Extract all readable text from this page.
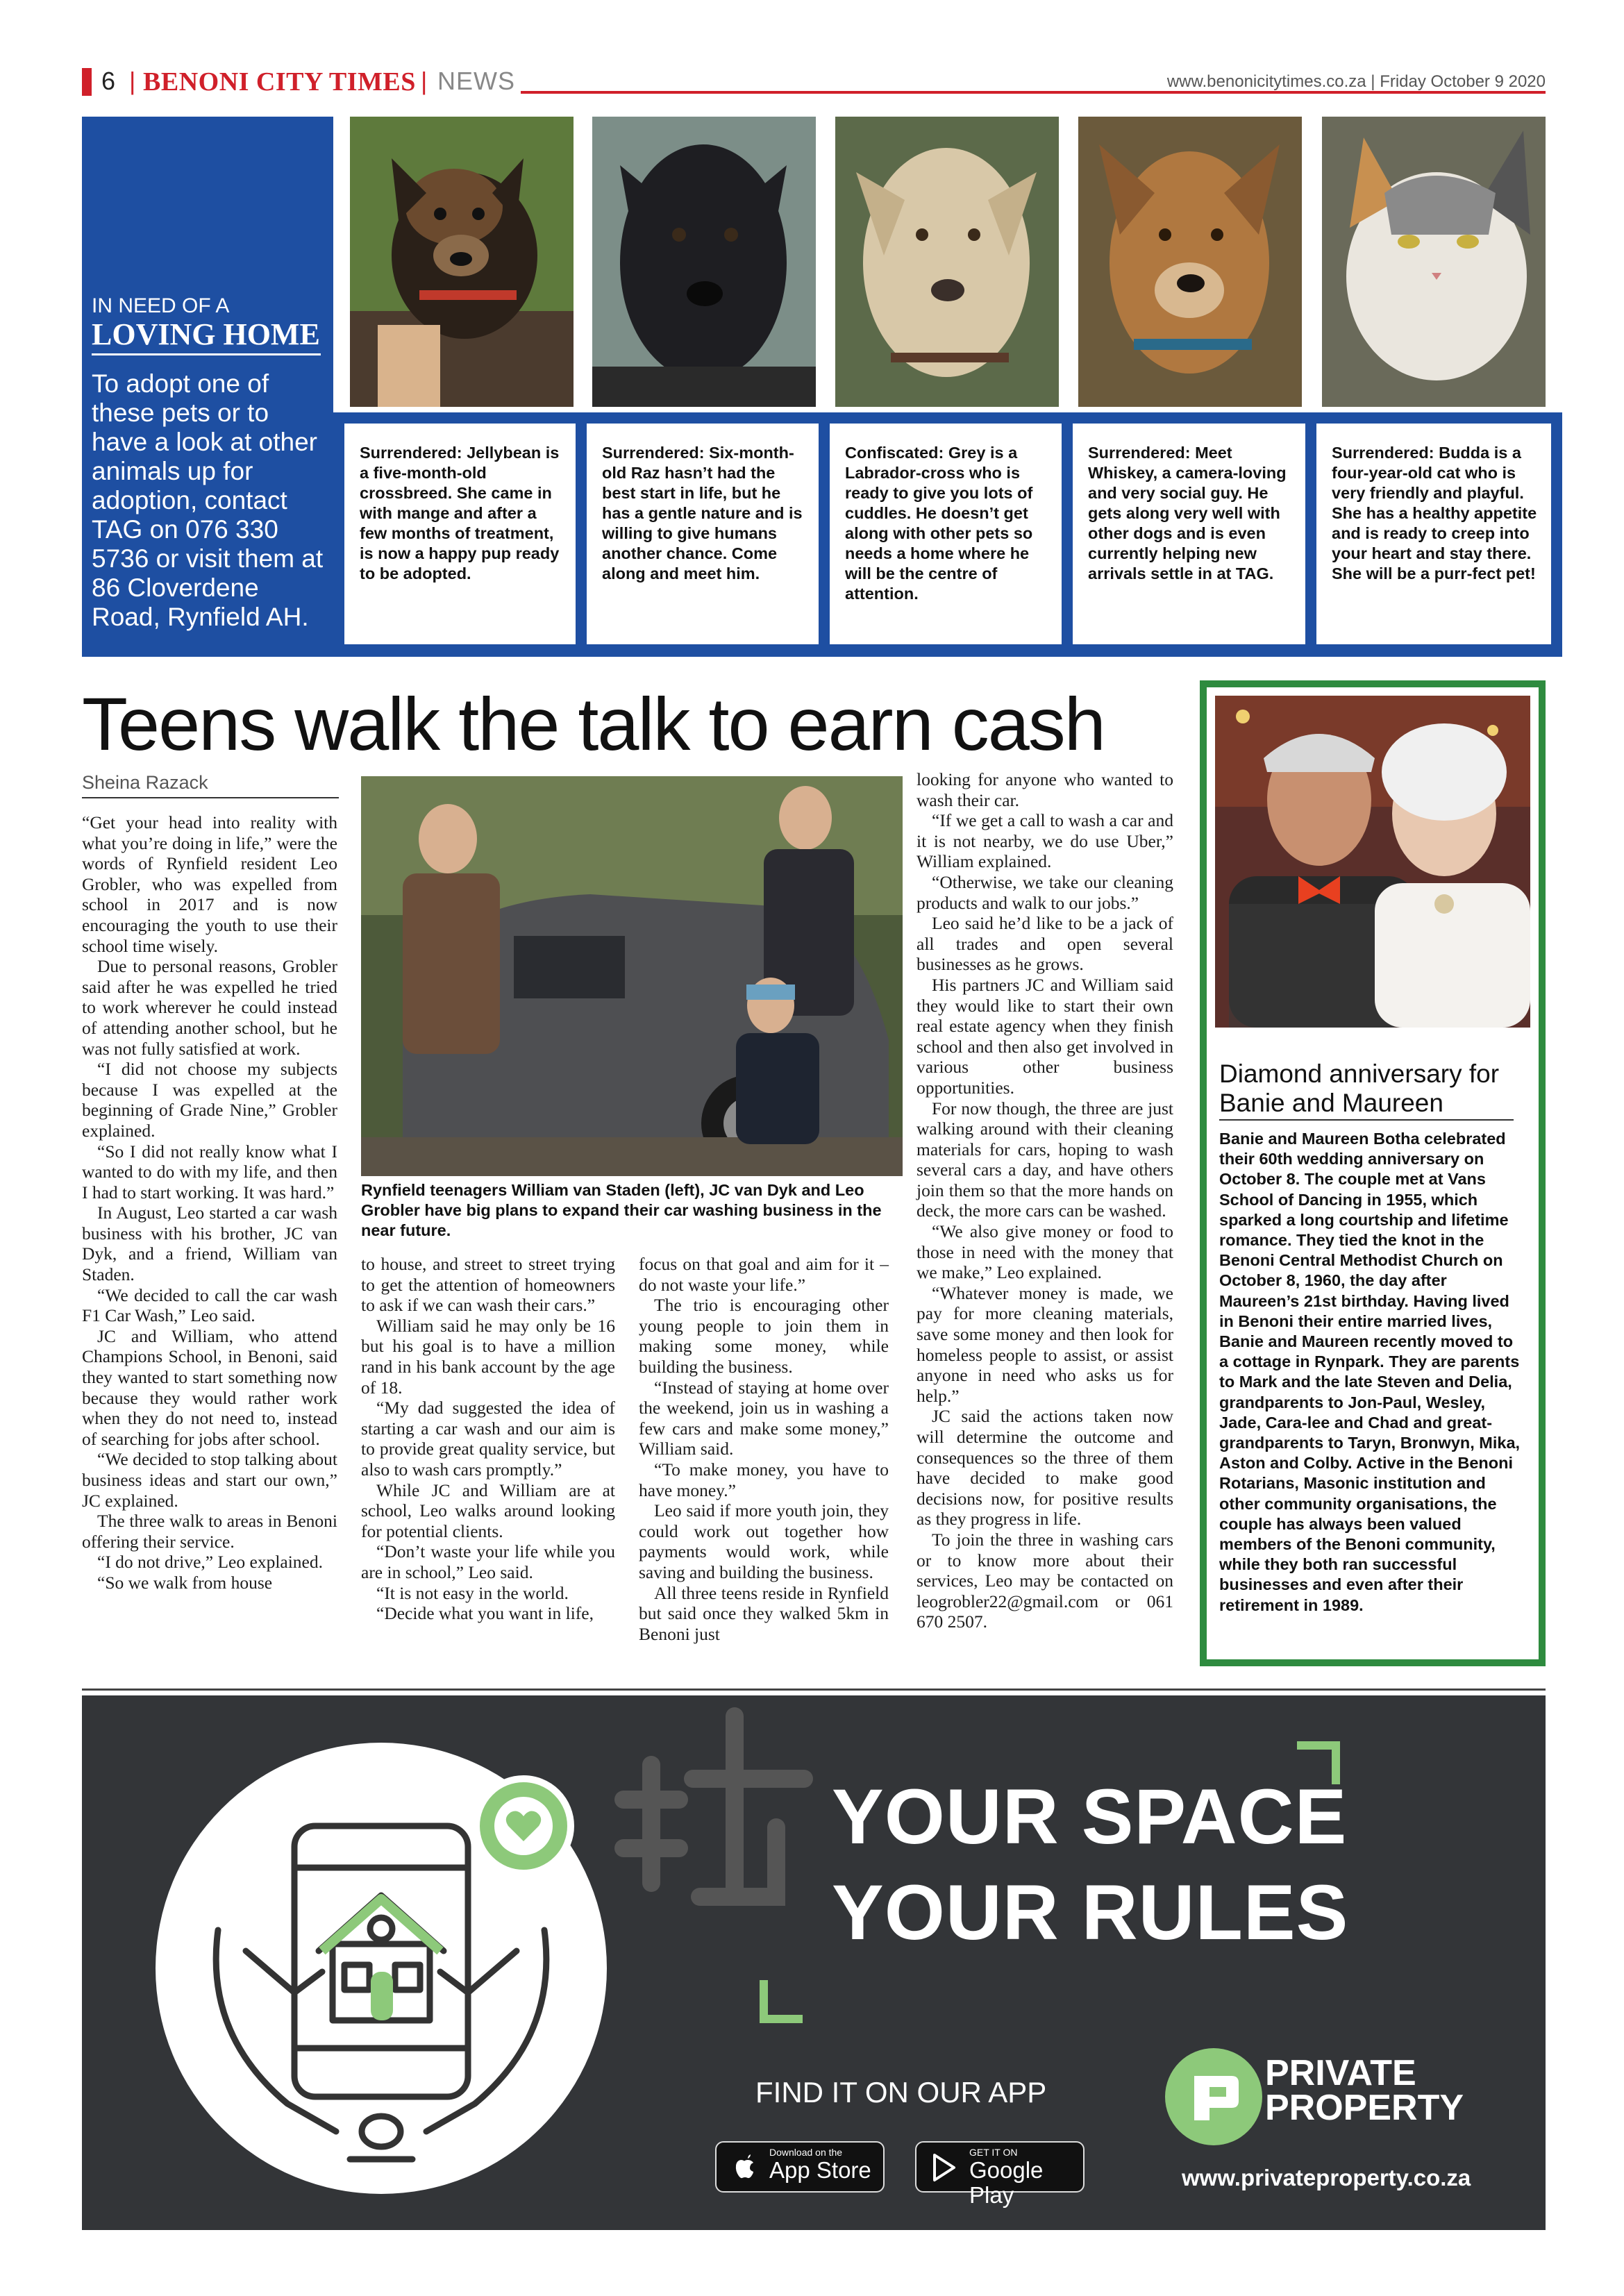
6 | BENONI CITY TIMES | NEWS	www.benonicitytimes.co.za | Friday October 9 2020
IN NEED OF A
LOVING HOME
To adopt one of these pets or to have a look at other animals up for adoption, contact TAG on 076 330 5736 or visit them at 86 Cloverdene Road, Rynfield AH.
Surrendered: Jellybean is a five-month-old crossbreed. She came in with mange and after a few months of treatment, is now a happy pup ready to be adopted.
Surrendered: Six-month-old Raz hasn’t had the best start in life, but he has a gentle nature and is willing to give humans another chance. Come along and meet him.
Confiscated: Grey is a Labrador-cross who is ready to give you lots of cuddles. He doesn’t get along with other pets so needs a home where he will be the centre of attention.
Surrendered: Meet Whiskey, a camera-loving and very social guy. He gets along very well with other dogs and is even currently helping new arrivals settle in at TAG.
Surrendered: Budda is a four-year-old cat who is very friendly and playful. She has a healthy appetite and is ready to creep into your heart and stay there. She will be a purr-fect pet!
Teens walk the talk to earn cash
Sheina Razack

“Get your head into reality with what you’re doing in life,” were the words of Rynfield resident Leo Grobler, who was expelled from school in 2017 and is now encouraging the youth to use their school time wisely.

Due to personal reasons, Grobler said after he was expelled he tried to work wherever he could instead of attending another school, but he was not fully satisfied at work.

“I did not choose my subjects because I was expelled at the beginning of Grade Nine,” Grobler explained.

“So I did not really know what I wanted to do with my life, and then I had to start working. It was hard.”

In August, Leo started a car wash business with his brother, JC van Dyk, and a friend, William van Staden.

“We decided to call the car wash F1 Car Wash,” Leo said.

JC and William, who attend Champions School, in Benoni, said they wanted to start something now because they would rather work when they do not need to, instead of searching for jobs after school.

“We decided to stop talking about business ideas and start our own,” JC explained.

The three walk to areas in Benoni offering their service.

“I do not drive,” Leo explained.

“So we walk from house

Rynfield teenagers William van Staden (left), JC van Dyk and Leo Grobler have big plans to expand their car washing business in the near future.

to house, and street to street trying to get the attention of homeowners to ask if we can wash their cars.”

William said he may only be 16 but his goal is to have a million rand in his bank account by the age of 18.

“My dad suggested the idea of starting a car wash and our aim is to provide great quality service, but also to wash cars promptly.”

While JC and William are at school, Leo walks around looking for potential clients.

“Don’t waste your life while you are in school,” Leo said.

“It is not easy in the world.

“Decide what you want in life,

focus on that goal and aim for it – do not waste your life.”

The trio is encouraging other young people to join them in making some money, while building the business.

“Instead of staying at home over the weekend, join us in washing a few cars and make some money,” William said.

“To make money, you have to have money.”

Leo said if more youth join, they could work out together how payments would work, while saving and building the business.

All three teens reside in Rynfield but said once they walked 5km in Benoni just

looking for anyone who wanted to wash their car.

“If we get a call to wash a car and it is not nearby, we do use Uber,” William explained.

“Otherwise, we take our cleaning products and walk to our jobs.”

Leo said he’d like to be a jack of all trades and open several businesses as he grows.

His partners JC and William said they would like to start their own real estate agency when they finish school and then also get involved in various other business opportunities.

For now though, the three are just walking around with their cleaning materials for cars, hoping to wash several cars a day, and have others join them so that the more hands on deck, the more cars can be washed.

“We also give money or food to those in need with the money that we make,” Leo explained.

“Whatever money is made, we pay for more cleaning materials, save some money and then look for homeless people to assist, or assist anyone in need who asks us for help.”

JC said the actions taken now will determine the outcome and consequences so the three of them have decided to make good decisions now, for positive results as they progress in life.

To join the three in washing cars or to know more about their services, Leo may be contacted on leogrobler22@gmail.com or 061 670 2507.

Diamond anniversary for Banie and Maureen
Banie and Maureen Botha celebrated their 60th wedding anniversary on October 8. The couple met at Vans School of Dancing in 1955, which sparked a long courtship and lifetime romance. They tied the knot in the Benoni Central Methodist Church on October 8, 1960, the day after Maureen’s 21st birthday. Having lived in Benoni their entire married lives, Banie and Maureen recently moved to a cottage in Rynpark. They are parents to Mark and the late Steven and Delia, grandparents to Jon-Paul, Wesley, Jade, Cara-lee and Chad and great-grandparents to Taryn, Bronwyn, Mika, Aston and Colby. Active in the Benoni Rotarians, Masonic institution and other community organisations, the couple has always been valued members of the Benoni community, while they both ran successful businesses and even after their retirement in 1989.
YOUR SPACE
YOUR RULES
FIND IT ON OUR APP
Download on the
App Store
GET IT ON
Google Play
PRIVATE
PROPERTY
www.privateproperty.co.za
